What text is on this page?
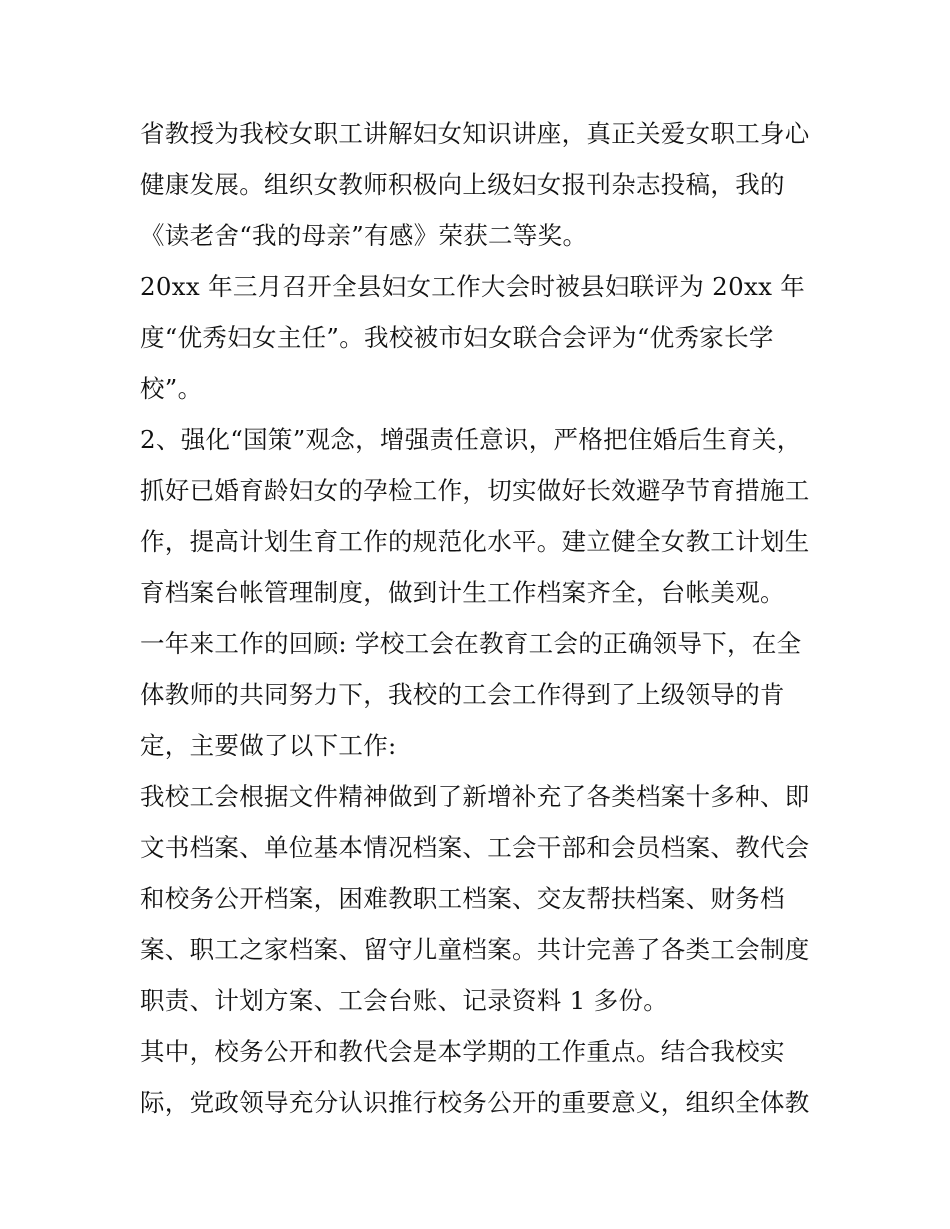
省教授为我校女职工讲解妇女知识讲座，真正关爱女职工身心
健康发展。组织女教师积极向上级妇女报刊杂志投稿，我的
《读老舍“我的母亲”有感》荣获二等奖。
20xx 年三月召开全县妇女工作大会时被县妇联评为 20xx 年
度“优秀妇女主任”。我校被市妇女联合会评为“优秀家长学
校”。
2、强化“国策”观念，增强责任意识，严格把住婚后生育关，
抓好已婚育龄妇女的孕检工作，切实做好长效避孕节育措施工
作，提高计划生育工作的规范化水平。建立健全女教工计划生
育档案台帐管理制度，做到计生工作档案齐全，台帐美观。
一年来工作的回顾: 学校工会在教育工会的正确领导下，在全
体教师的共同努力下，我校的工会工作得到了上级领导的肯
定，主要做了以下工作:
我校工会根据文件精神做到了新增补充了各类档案十多种、即
文书档案、单位基本情况档案、工会干部和会员档案、教代会
和校务公开档案，困难教职工档案、交友帮扶档案、财务档
案、职工之家档案、留守儿童档案。共计完善了各类工会制度
职责、计划方案、工会台账、记录资料 1 多份。
其中，校务公开和教代会是本学期的工作重点。结合我校实
际，党政领导充分认识推行校务公开的重要意义，组织全体教
